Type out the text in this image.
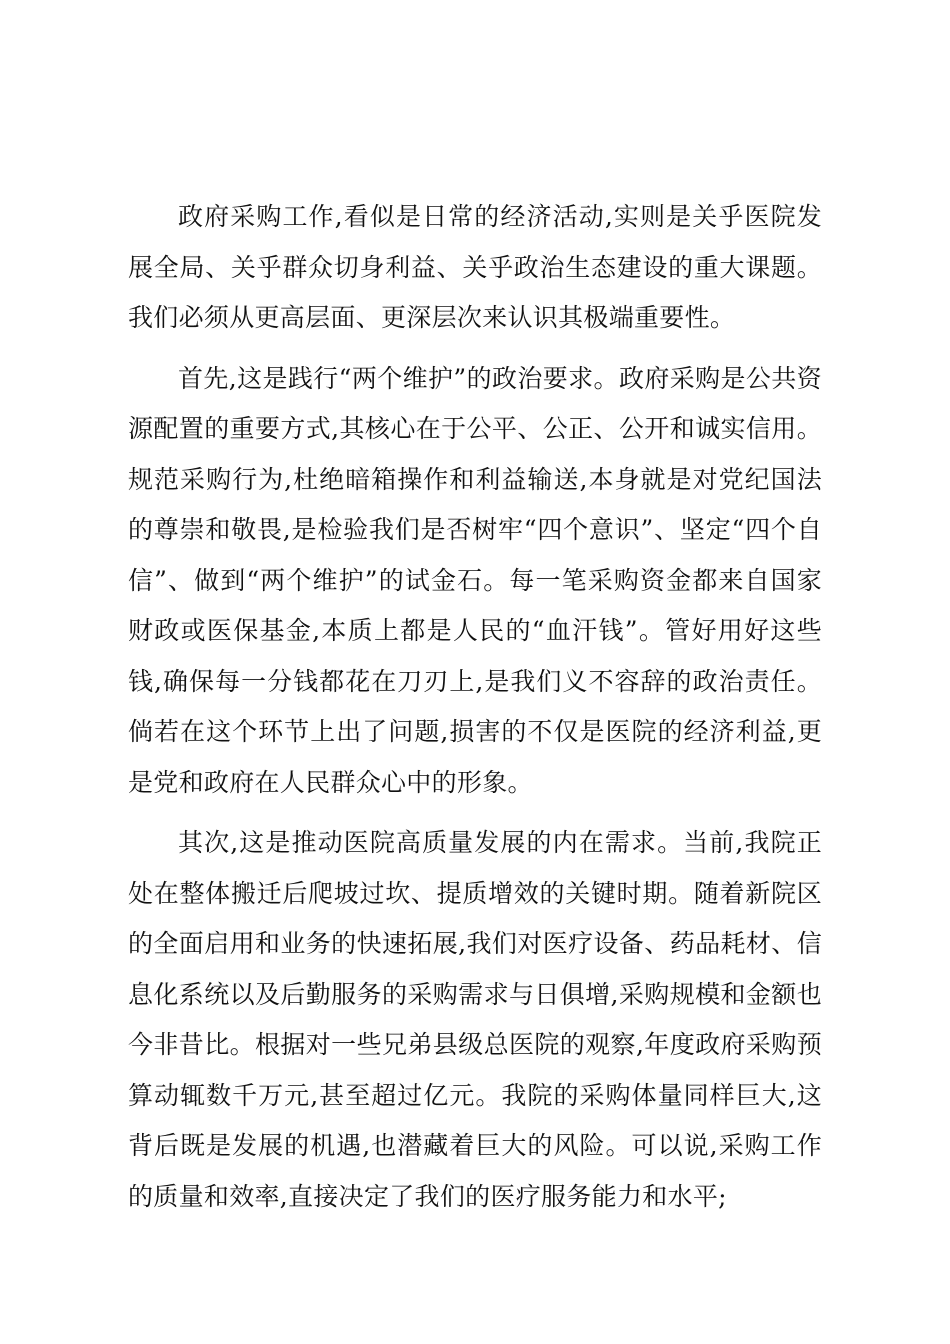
政府采购工作,看似是日常的经济活动,实则是关乎医院发展全局、关乎群众切身利益、关乎政治生态建设的重大课题。我们必须从更高层面、更深层次来认识其极端重要性。

首先,这是践行“两个维护”的政治要求。政府采购是公共资源配置的重要方式,其核心在于公平、公正、公开和诚实信用。规范采购行为,杜绝暗箱操作和利益输送,本身就是对党纪国法的尊崇和敬畏,是检验我们是否树牢“四个意识”、坚定“四个自信”、做到“两个维护”的试金石。每一笔采购资金都来自国家财政或医保基金,本质上都是人民的“血汗钱”。管好用好这些钱,确保每一分钱都花在刀刃上,是我们义不容辞的政治责任。倘若在这个环节上出了问题,损害的不仅是医院的经济利益,更是党和政府在人民群众心中的形象。

其次,这是推动医院高质量发展的内在需求。当前,我院正处在整体搬迁后爬坡过坎、提质增效的关键时期。随着新院区的全面启用和业务的快速拓展,我们对医疗设备、药品耗材、信息化系统以及后勤服务的采购需求与日俱增,采购规模和金额也今非昔比。根据对一些兄弟县级总医院的观察,年度政府采购预算动辄数千万元,甚至超过亿元。我院的采购体量同样巨大,这背后既是发展的机遇,也潜藏着巨大的风险。可以说,采购工作的质量和效率,直接决定了我们的医疗服务能力和水平;
